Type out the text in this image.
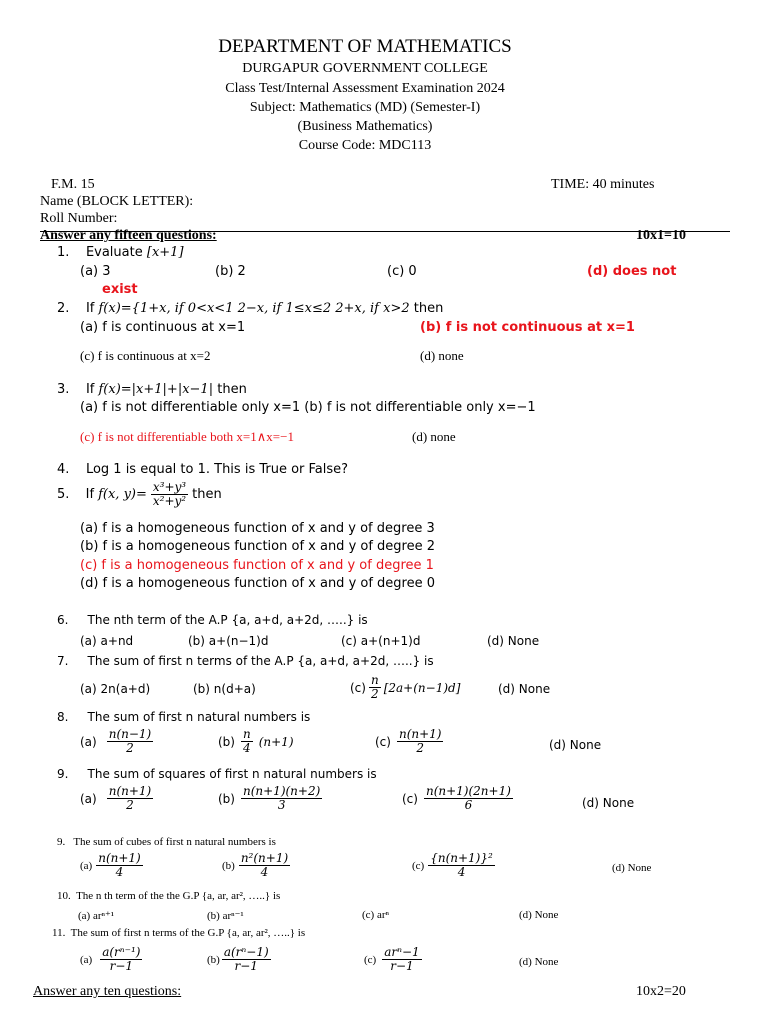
DEPARTMENT OF MATHEMATICS
DURGAPUR GOVERNMENT COLLEGE
Class Test/Internal Assessment Examination 2024
Subject: Mathematics (MD) (Semester-I)
(Business Mathematics)
Course Code: MDC113
F.M. 15	TIME: 40 minutes
Name (BLOCK LETTER):
Roll Number:
Answer any fifteen questions:	10x1=10
1. Evaluate [x+1]
(a) 3	(b) 2	(c) 0	(d) does not
exist
2. If f(x)={1+x, if 0<x<1 2−x, if 1≤x≤2 2+x, if x>2 then
(a) f is continuous at x=1	(b) f is not continuous at x=1
(c) f is continuous at x=2	(d) none
3. If f(x)=|x+1|+|x−1| then
(a) f is not differentiable only x=1 (b) f is not differentiable only x=−1
(c) f is not differentiable both x=1∧x=−1	(d) none
4. Log 1 is equal to 1. This is True or False?
5.
If f(x, $y)= \frac{\text{x³+y³}}{\text{x²+y²}}$ then
(a) f is a homogeneous function of x and y of degree 3
(b) f is a homogeneous function of x and y of degree 2
(c) f is a homogeneous function of x and y of degree 1
(d) f is a homogeneous function of x and y of degree 0
6. The nth term of the A.P {a, a+d, a+2d, …..} is
(a) a+nd	(b) a+(n−1)d	(c) a+(n+1)d	(d) None
7. The sum of first n terms of the A.P {a, a+d, a+2d, …..} is
(a) 2n(a+d)	(b) n(d+a)	$(c) \frac{n}{2} [2a+(n-1)d]$	(d) None
8. The sum of first n natural numbers is
$(a) \frac{n(n-1)}{2}$	$(b) \frac{n}{4} (n+1)$	$(c) \frac{n(n+1)}{2}$	(d) None
9. The sum of squares of first n natural numbers is
$(a) \frac{n(n+1)}{2}$	$(b) \frac{n(n+1)(n+2)}{3}$	$(c) \frac{n(n+1)(2n+1)}{6}$	(d) None
9. The sum of cubes of first n natural numbers is
$(a) \frac{n(n+1)}{4}$	$(b) \frac{\text{n²(n+1)}}{4}$	$(c) \frac{\text{\{n(n+1)\}²}}{4}$	(d) None
10. The n th term of the the G.P {a, ar, ar², …..} is
(a) arⁿ⁺¹	(b) arⁿ⁻¹	(c) arⁿ	(d) None
11. The sum of first n terms of the G.P {a, ar, ar², …..} is
$(a) \frac{\text{a(rⁿ⁻¹)}}{r-1}$	$(b) \frac{\text{a(rⁿ−1)}}{r-1}$	$(c) \frac{\text{arⁿ−1}}{r-1}$	(d) None
Answer any ten questions:	10x2=20
